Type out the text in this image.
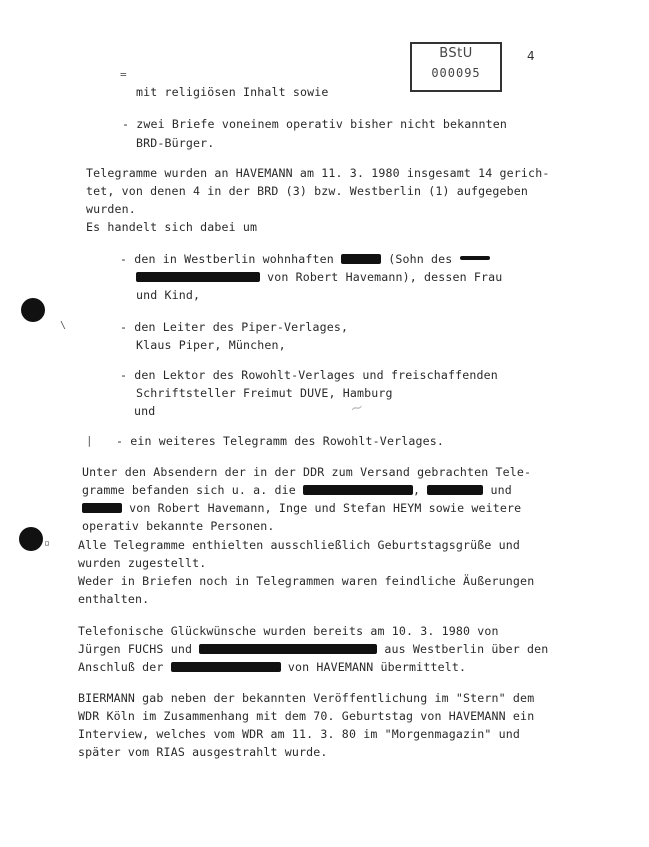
BStU
000095
4
=
mit religiösen Inhalt sowie
- zwei Briefe voneinem operativ bisher nicht bekannten
BRD-Bürger.
Telegramme wurden an HAVEMANN am 11. 3. 1980 insgesamt 14 gerich-
tet, von denen 4 in der BRD (3) bzw. Westberlin (1) aufgegeben
wurden.
Es handelt sich dabei um
- den in Westberlin wohnhaften	(Sohn des
von Robert Havemann), dessen Frau
und Kind,
- den Leiter des Piper-Verlages,
Klaus Piper, München,
- den Lektor des Rowohlt-Verlages und freischaffenden
Schriftsteller Freimut DUVE, Hamburg
und	~
| - ein weiteres Telegramm des Rowohlt-Verlages.
Unter den Absendern der in der DDR zum Versand gebrachten Tele-
gramme befanden sich u. a. die	,	und
von Robert Havemann, Inge und Stefan HEYM sowie weitere
operativ bekannte Personen.
Alle Telegramme enthielten ausschließlich Geburtstagsgrüße und
wurden zugestellt.
Weder in Briefen noch in Telegrammen waren feindliche Äußerungen
enthalten.
Telefonische Glückwünsche wurden bereits am 10. 3. 1980 von
Jürgen FUCHS und	aus Westberlin über den
Anschluß der	von HAVEMANN übermittelt.
BIERMANN gab neben der bekannten Veröffentlichung im "Stern" dem
WDR Köln im Zusammenhang mit dem 70. Geburtstag von HAVEMANN ein
Interview, welches vom WDR am 11. 3. 80 im "Morgenmagazin" und
später vom RIAS ausgestrahlt wurde.
▫
\
